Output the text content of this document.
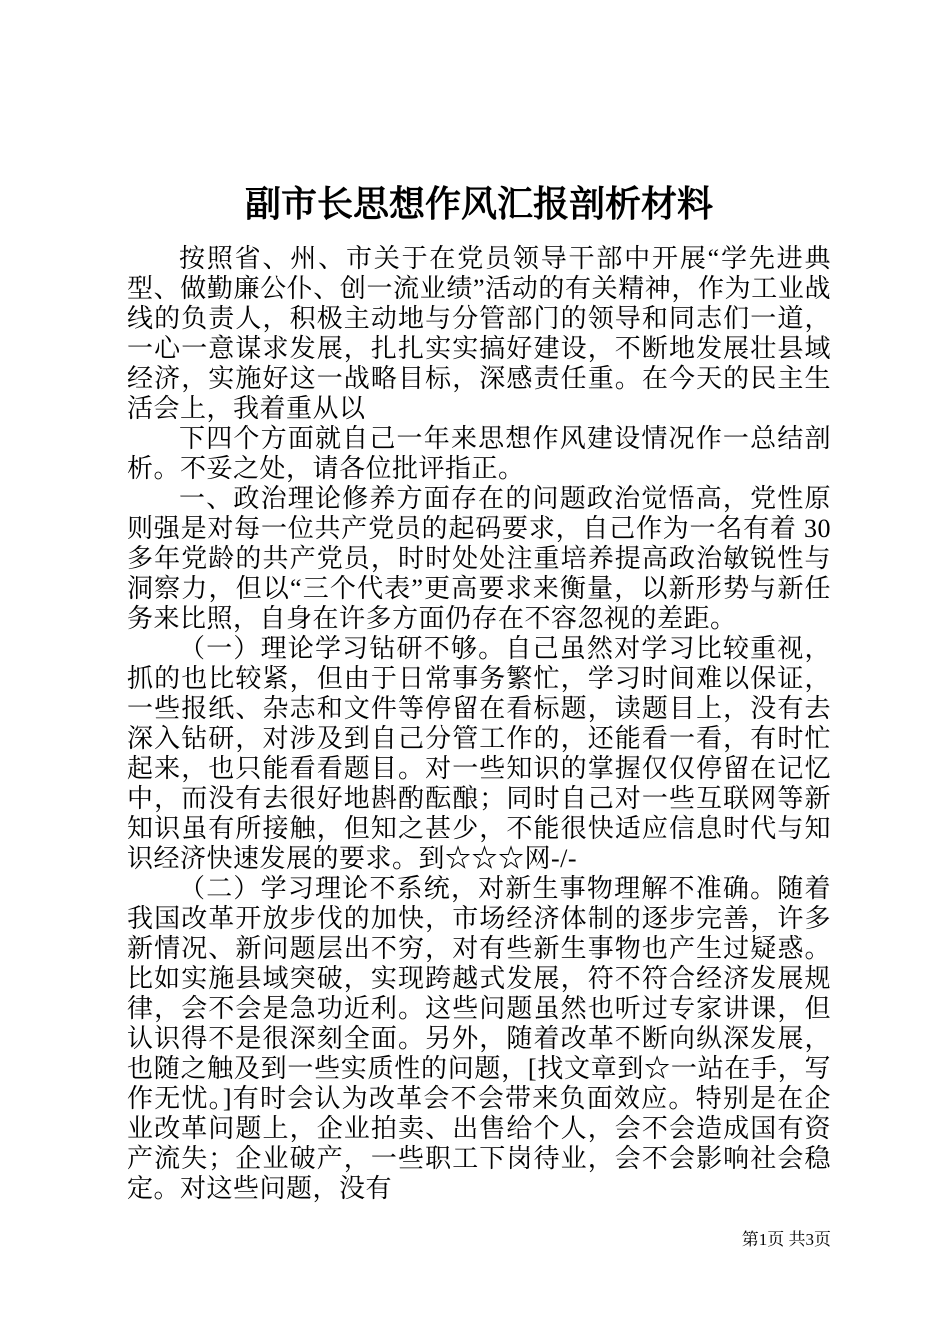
副市长思想作风汇报剖析材料

按照省、州、市关于在党员领导干部中开展“学先进典型、做勤廉公仆、创一流业绩”活动的有关精神，作为工业战线的负责人，积极主动地与分管部门的领导和同志们一道，一心一意谋求发展，扎扎实实搞好建设，不断地发展壮县域经济，实施好这一战略目标，深感责任重。在今天的民主生活会上，我着重从以

下四个方面就自己一年来思想作风建设情况作一总结剖析。不妥之处，请各位批评指正。

一、政治理论修养方面存在的问题政治觉悟高，党性原则强是对每一位共产党员的起码要求，自己作为一名有着 30 多年党龄的共产党员，时时处处注重培养提高政治敏锐性与洞察力，但以“三个代表”更高要求来衡量，以新形势与新任务来比照，自身在许多方面仍存在不容忽视的差距。

（一）理论学习钻研不够。自己虽然对学习比较重视，抓的也比较紧，但由于日常事务繁忙，学习时间难以保证，一些报纸、杂志和文件等停留在看标题，读题目上，没有去深入钻研，对涉及到自己分管工作的，还能看一看，有时忙起来，也只能看看题目。对一些知识的掌握仅仅停留在记忆中，而没有去很好地斟酌酝酿；同时自己对一些互联网等新知识虽有所接触，但知之甚少，不能很快适应信息时代与知识经济快速发展的要求。到☆☆☆网-/-

（二）学习理论不系统，对新生事物理解不准确。随着我国改革开放步伐的加快，市场经济体制的逐步完善，许多新情况、新问题层出不穷，对有些新生事物也产生过疑惑。比如实施县域突破，实现跨越式发展，符不符合经济发展规律，会不会是急功近利。这些问题虽然也听过专家讲课，但认识得不是很深刻全面。另外，随着改革不断向纵深发展，也随之触及到一些实质性的问题，[找文章到☆一站在手，写作无忧。]有时会认为改革会不会带来负面效应。特别是在企业改革问题上，企业拍卖、出售给个人，会不会造成国有资产流失；企业破产，一些职工下岗待业，会不会影响社会稳定。对这些问题，没有

第1页 共3页
